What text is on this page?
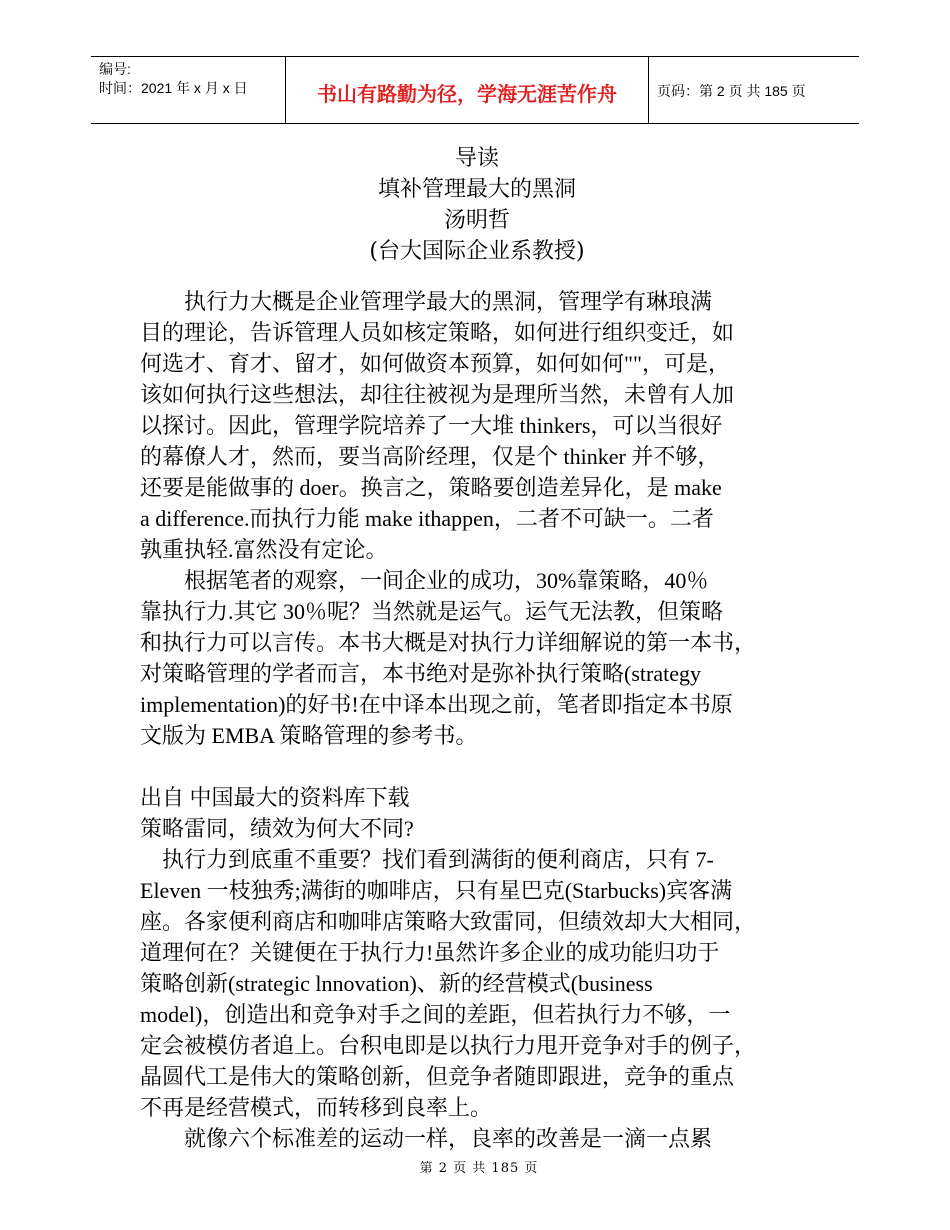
编号:
时间：2021 年 x 月 x 日	书山有路勤为径，学海无涯苦作舟	页码：第 2 页 共 185 页
导读
填补管理最大的黑洞
汤明哲
(台大国际企业系教授)
　　执行力大概是企业管理学最大的黑洞，管理学有琳琅满
目的理论，告诉管理人员如核定策略，如何进行组织变迁，如
何选才、育才、留才，如何做资本预算，如何如何""，可是，
该如何执行这些想法，却往往被视为是理所当然，未曾有人加
以探讨。因此，管理学院培养了一大堆 thinkers，可以当很好
的幕僚人才，然而，要当高阶经理，仅是个 thinker 并不够，
还要是能做事的 doer。换言之，策略要创造差异化，是 make
a difference.而执行力能 make ithappen，二者不可缺一。二者
孰重执轻.富然没有定论。
　　根据笔者的观察，一间企业的成功，30%靠策略，40％
靠执行力.其它 30％呢？当然就是运气。运气无法教，但策略
和执行力可以言传。本书大概是对执行力详细解说的第一本书，
对策略管理的学者而言，本书绝对是弥补执行策略(strategy
implementation)的好书!在中译本出现之前，笔者即指定本书原
文版为 EMBA 策略管理的参考书。
出自 中国最大的资料库下载
策略雷同，绩效为何大不同?
　执行力到底重不重要？找们看到满街的便利商店，只有 7-
Eleven 一枝独秀;满街的咖啡店，只有星巴克(Starbucks)宾客满
座。各家便利商店和咖啡店策略大致雷同，但绩效却大大相同，
道理何在？关键便在于执行力!虽然许多企业的成功能归功于
策略创新(strategic lnnovation)、新的经营模式(business
model)，创造出和竞争对手之间的差距，但若执行力不够，一
定会被模仿者追上。台积电即是以执行力甩开竞争对手的例子，
晶圆代工是伟大的策略创新，但竞争者随即跟进，竞争的重点
不再是经营模式，而转移到良率上。
　　就像六个标准差的运动一样，良率的改善是一滴一点累
第 2 页 共 185 页
